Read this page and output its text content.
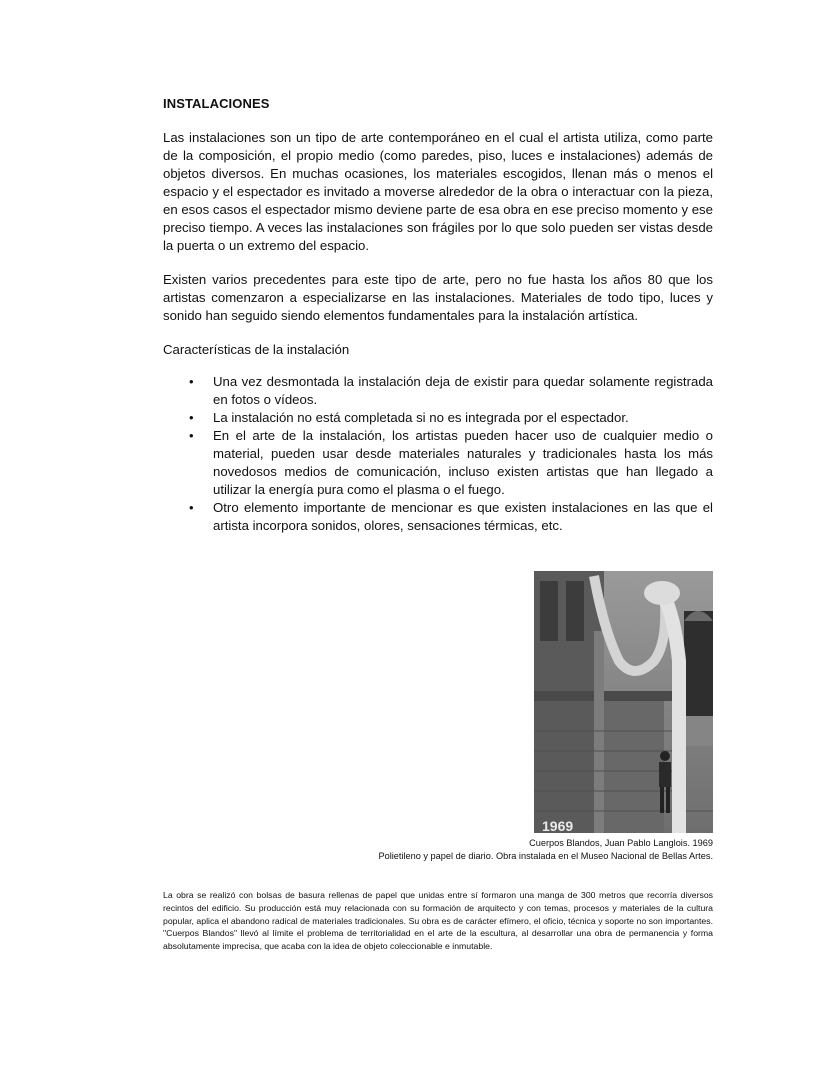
INSTALACIONES

Las instalaciones son un tipo de arte contemporáneo en el cual el artista utiliza, como parte de la composición, el propio medio (como paredes, piso, luces e instalaciones) además de objetos diversos. En muchas ocasiones, los materiales escogidos, llenan más o menos el espacio y el espectador es invitado a moverse alrededor de la obra o interactuar con la pieza, en esos casos el espectador mismo deviene parte de esa obra en ese preciso momento y ese preciso tiempo. A veces las instalaciones son frágiles por lo que solo pueden ser vistas desde la puerta o un extremo del espacio.

Existen varios precedentes para este tipo de arte, pero no fue hasta los años 80 que los artistas comenzaron a especializarse en las instalaciones. Materiales de todo tipo, luces y sonido han seguido siendo elementos fundamentales para la instalación artística.

Características de la instalación

• Una vez desmontada la instalación deja de existir para quedar solamente registrada en fotos o vídeos.
• La instalación no está completada si no es integrada por el espectador.
• En el arte de la instalación, los artistas pueden hacer uso de cualquier medio o material, pueden usar desde materiales naturales y tradicionales hasta los más novedosos medios de comunicación, incluso existen artistas que han llegado a utilizar la energía pura como el plasma o el fuego.
• Otro elemento importante de mencionar es que existen instalaciones en las que el artista incorpora sonidos, olores, sensaciones térmicas, etc.
1969
Cuerpos Blandos, Juan Pablo Langlois. 1969
Polietileno y papel de diario. Obra instalada en el Museo Nacional de Bellas Artes.
La obra se realizó con bolsas de basura rellenas de papel que unidas entre sí formaron una manga de 300 metros que recorría diversos recintos del edificio. Su producción está muy relacionada con su formación de arquitecto y con temas, procesos y materiales de la cultura popular, aplica el abandono radical de materiales tradicionales. Su obra es de carácter efímero, el oficio, técnica y soporte no son importantes. "Cuerpos Blandos" llevó al límite el problema de territorialidad en el arte de la escultura, al desarrollar una obra de permanencia y forma absolutamente imprecisa, que acaba con la idea de objeto coleccionable e inmutable.
